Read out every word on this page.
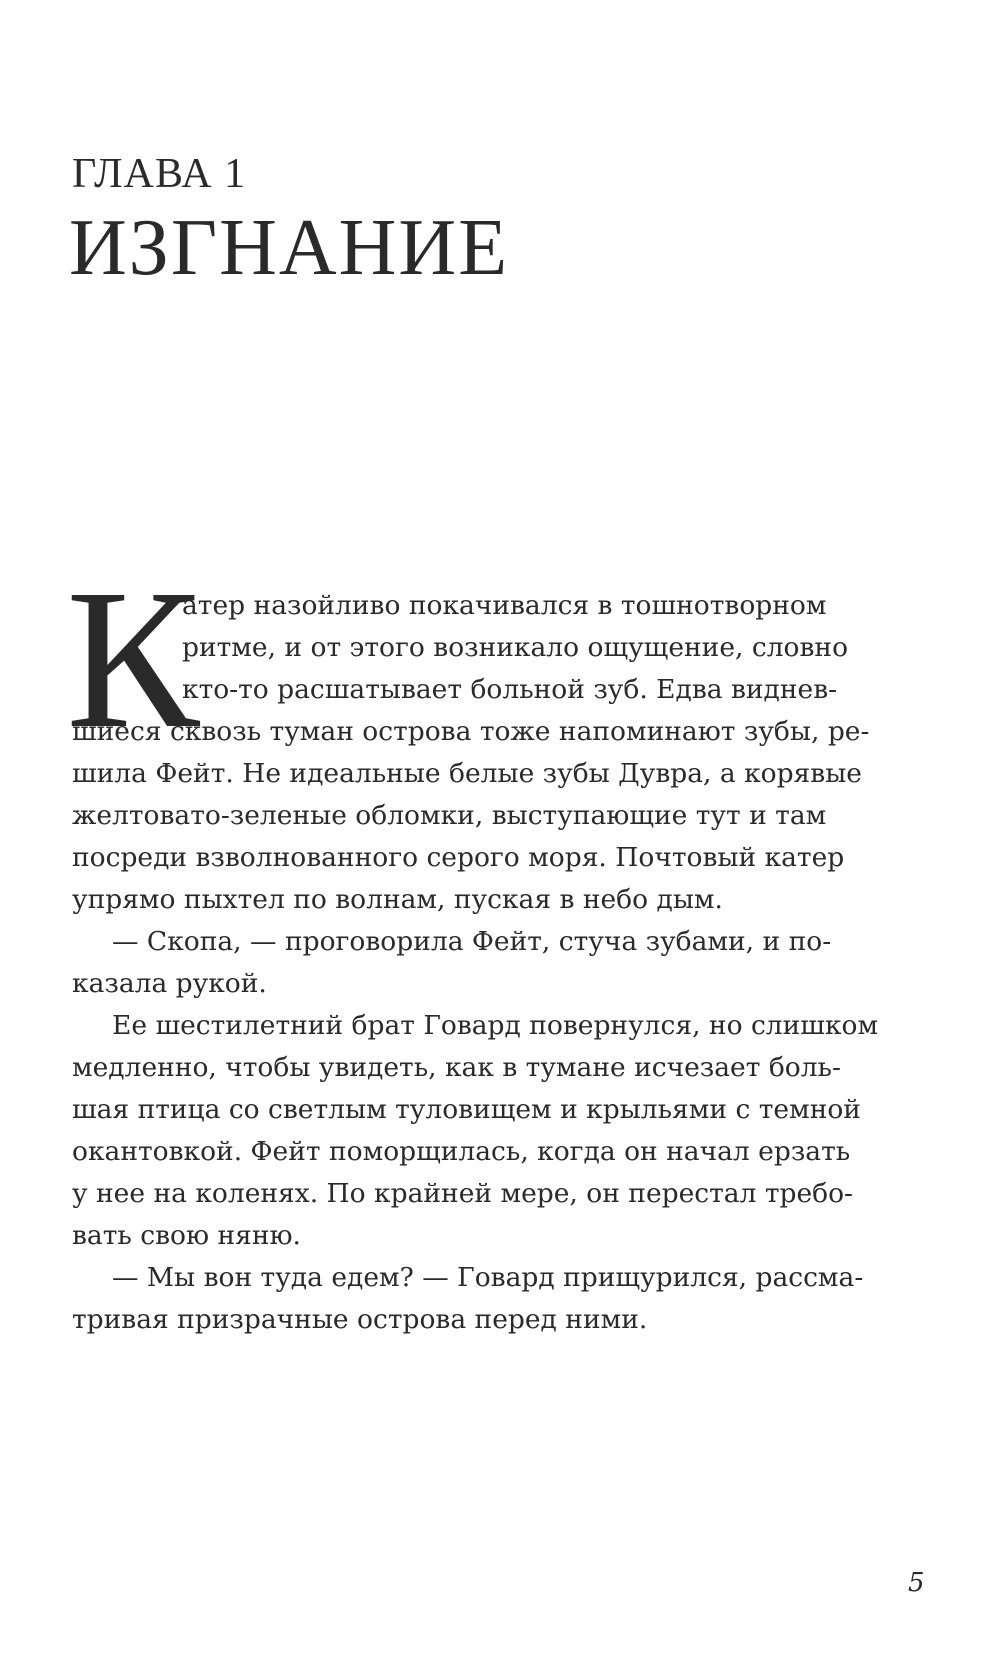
ГЛАВА 1
ИЗГНАНИЕ
К
атер назойливо покачивался в тошнотворном
ритме, и от этого возникало ощущение, словно
кто-то расшатывает больной зуб. Едва виднев-
шиеся сквозь туман острова тоже напоминают зубы, ре-
шила Фейт. Не идеальные белые зубы Дувра, а корявые
желтовато-зеленые обломки, выступающие тут и там
посреди взволнованного серого моря. Почтовый катер
упрямо пыхтел по волнам, пуская в небо дым.
— Скопа, — проговорила Фейт, стуча зубами, и по-
казала рукой.
Ее шестилетний брат Говард повернулся, но слишком
медленно, чтобы увидеть, как в тумане исчезает боль-
шая птица со светлым туловищем и крыльями с темной
окантовкой. Фейт поморщилась, когда он начал ерзать
у нее на коленях. По крайней мере, он перестал требо-
вать свою няню.
— Мы вон туда едем? — Говард прищурился, рассма-
тривая призрачные острова перед ними.
5
